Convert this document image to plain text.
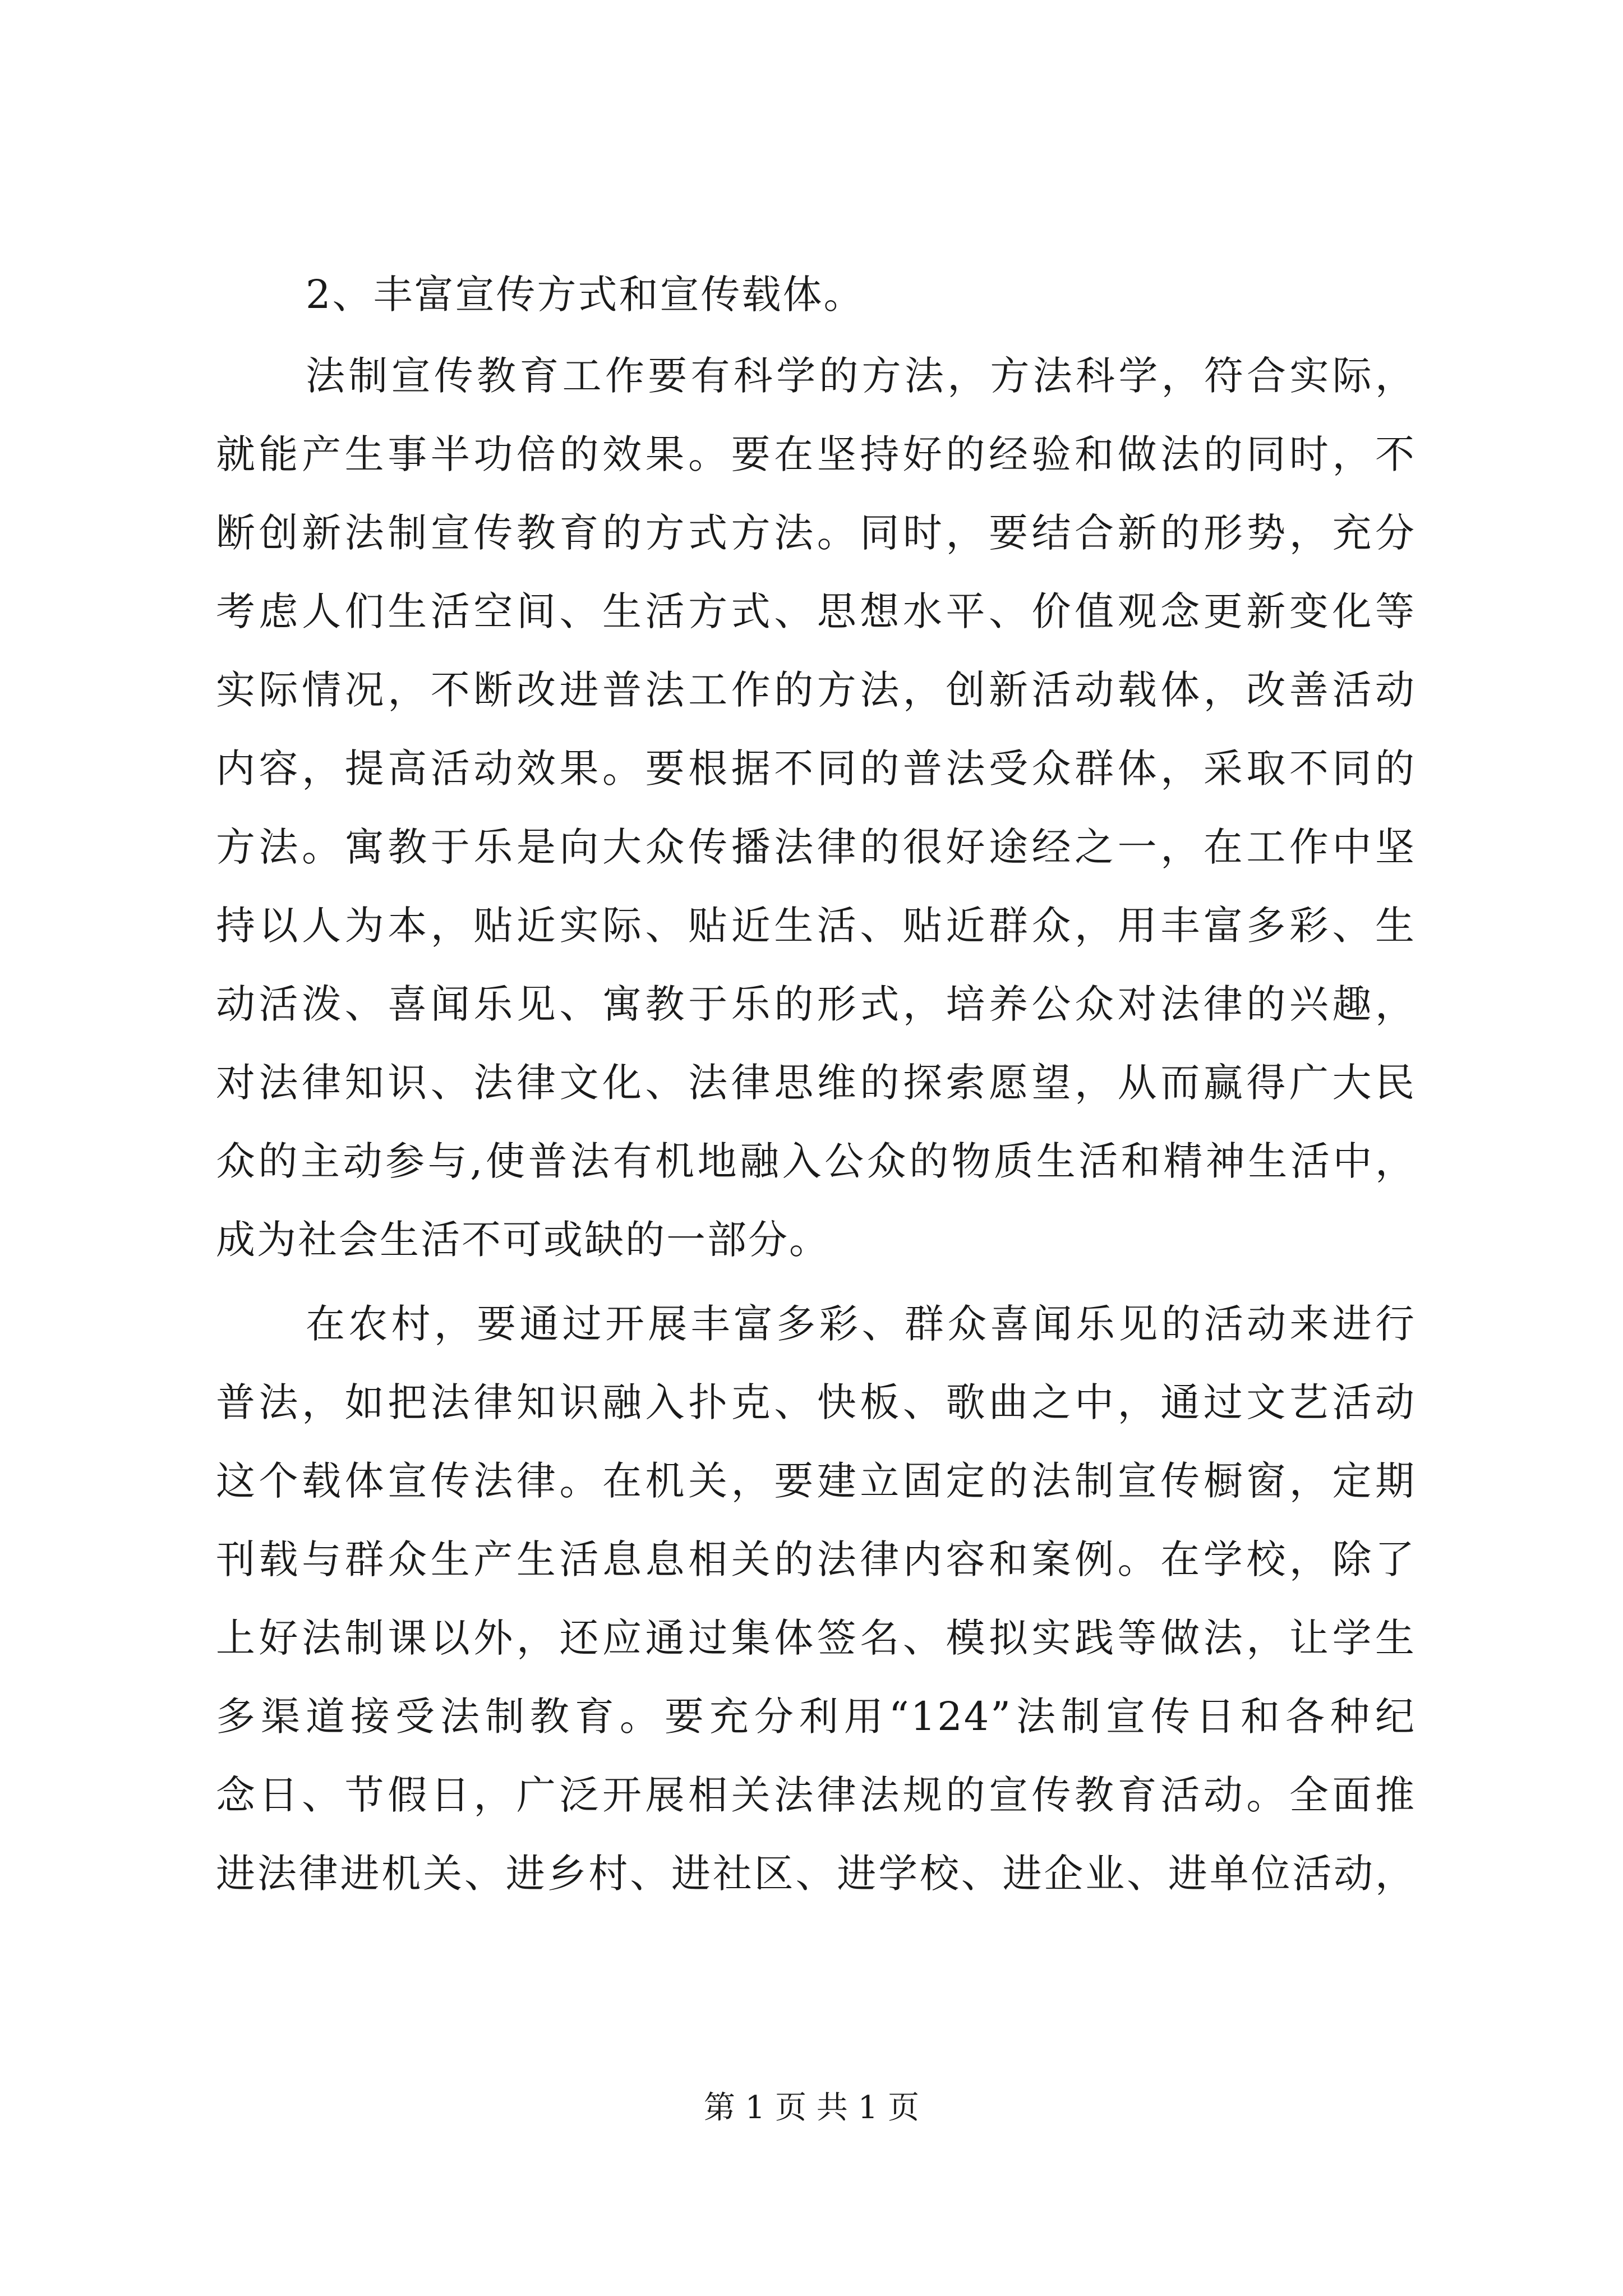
2、丰富宣传方式和宣传载体。
法制宣传教育工作要有科学的方法，方法科学，符合实际，
就能产生事半功倍的效果。要在坚持好的经验和做法的同时，不
断创新法制宣传教育的方式方法。同时，要结合新的形势，充分
考虑人们生活空间、生活方式、思想水平、价值观念更新变化等
实际情况，不断改进普法工作的方法，创新活动载体，改善活动
内容，提高活动效果。要根据不同的普法受众群体，采取不同的
方法。寓教于乐是向大众传播法律的很好途经之一，在工作中坚
持以人为本，贴近实际、贴近生活、贴近群众，用丰富多彩、生
动活泼、喜闻乐见、寓教于乐的形式，培养公众对法律的兴趣，
对法律知识、法律文化、法律思维的探索愿望，从而赢得广大民
众的主动参与,使普法有机地融入公众的物质生活和精神生活中，
成为社会生活不可或缺的一部分。
在农村，要通过开展丰富多彩、群众喜闻乐见的活动来进行
普法，如把法律知识融入扑克、快板、歌曲之中，通过文艺活动
这个载体宣传法律。在机关，要建立固定的法制宣传橱窗，定期
刊载与群众生产生活息息相关的法律内容和案例。在学校，除了
上好法制课以外，还应通过集体签名、模拟实践等做法，让学生
多渠道接受法制教育。要充分利用“124”法制宣传日和各种纪
念日、节假日，广泛开展相关法律法规的宣传教育活动。全面推
进法律进机关、进乡村、进社区、进学校、进企业、进单位活动，
第 1 页 共 1 页
